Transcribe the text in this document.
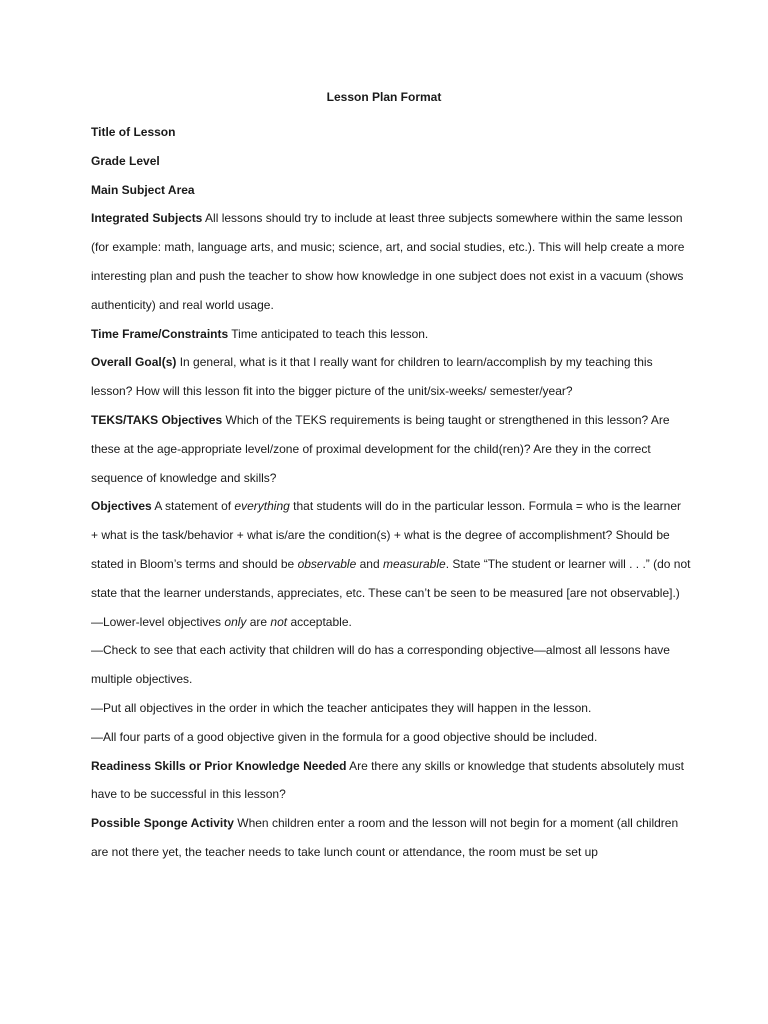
Lesson Plan Format

Title of Lesson

Grade Level

Main Subject Area

Integrated Subjects All lessons should try to include at least three subjects somewhere within the same lesson (for example: math, language arts, and music; science, art, and social studies, etc.). This will help create a more interesting plan and push the teacher to show how knowledge in one subject does not exist in a vacuum (shows authenticity) and real world usage.

Time Frame/Constraints Time anticipated to teach this lesson.

Overall Goal(s) In general, what is it that I really want for children to learn/accomplish by my teaching this lesson? How will this lesson fit into the bigger picture of the unit/six-weeks/ semester/year?

TEKS/TAKS Objectives Which of the TEKS requirements is being taught or strengthened in this lesson? Are these at the age-appropriate level/zone of proximal development for the child(ren)? Are they in the correct sequence of knowledge and skills?

Objectives A statement of everything that students will do in the particular lesson. Formula = who is the learner + what is the task/behavior + what is/are the condition(s) + what is the degree of accomplishment? Should be stated in Bloom’s terms and should be observable and measurable. State “The student or learner will . . .” (do not state that the learner understands, appreciates, etc. These can’t be seen to be measured [are not observable].)

—Lower-level objectives only are not acceptable.

—Check to see that each activity that children will do has a corresponding objective—almost all lessons have multiple objectives.

—Put all objectives in the order in which the teacher anticipates they will happen in the lesson.

—All four parts of a good objective given in the formula for a good objective should be included.

Readiness Skills or Prior Knowledge Needed Are there any skills or knowledge that students absolutely must have to be successful in this lesson?

Possible Sponge Activity When children enter a room and the lesson will not begin for a moment (all children are not there yet, the teacher needs to take lunch count or attendance, the room must be set up
